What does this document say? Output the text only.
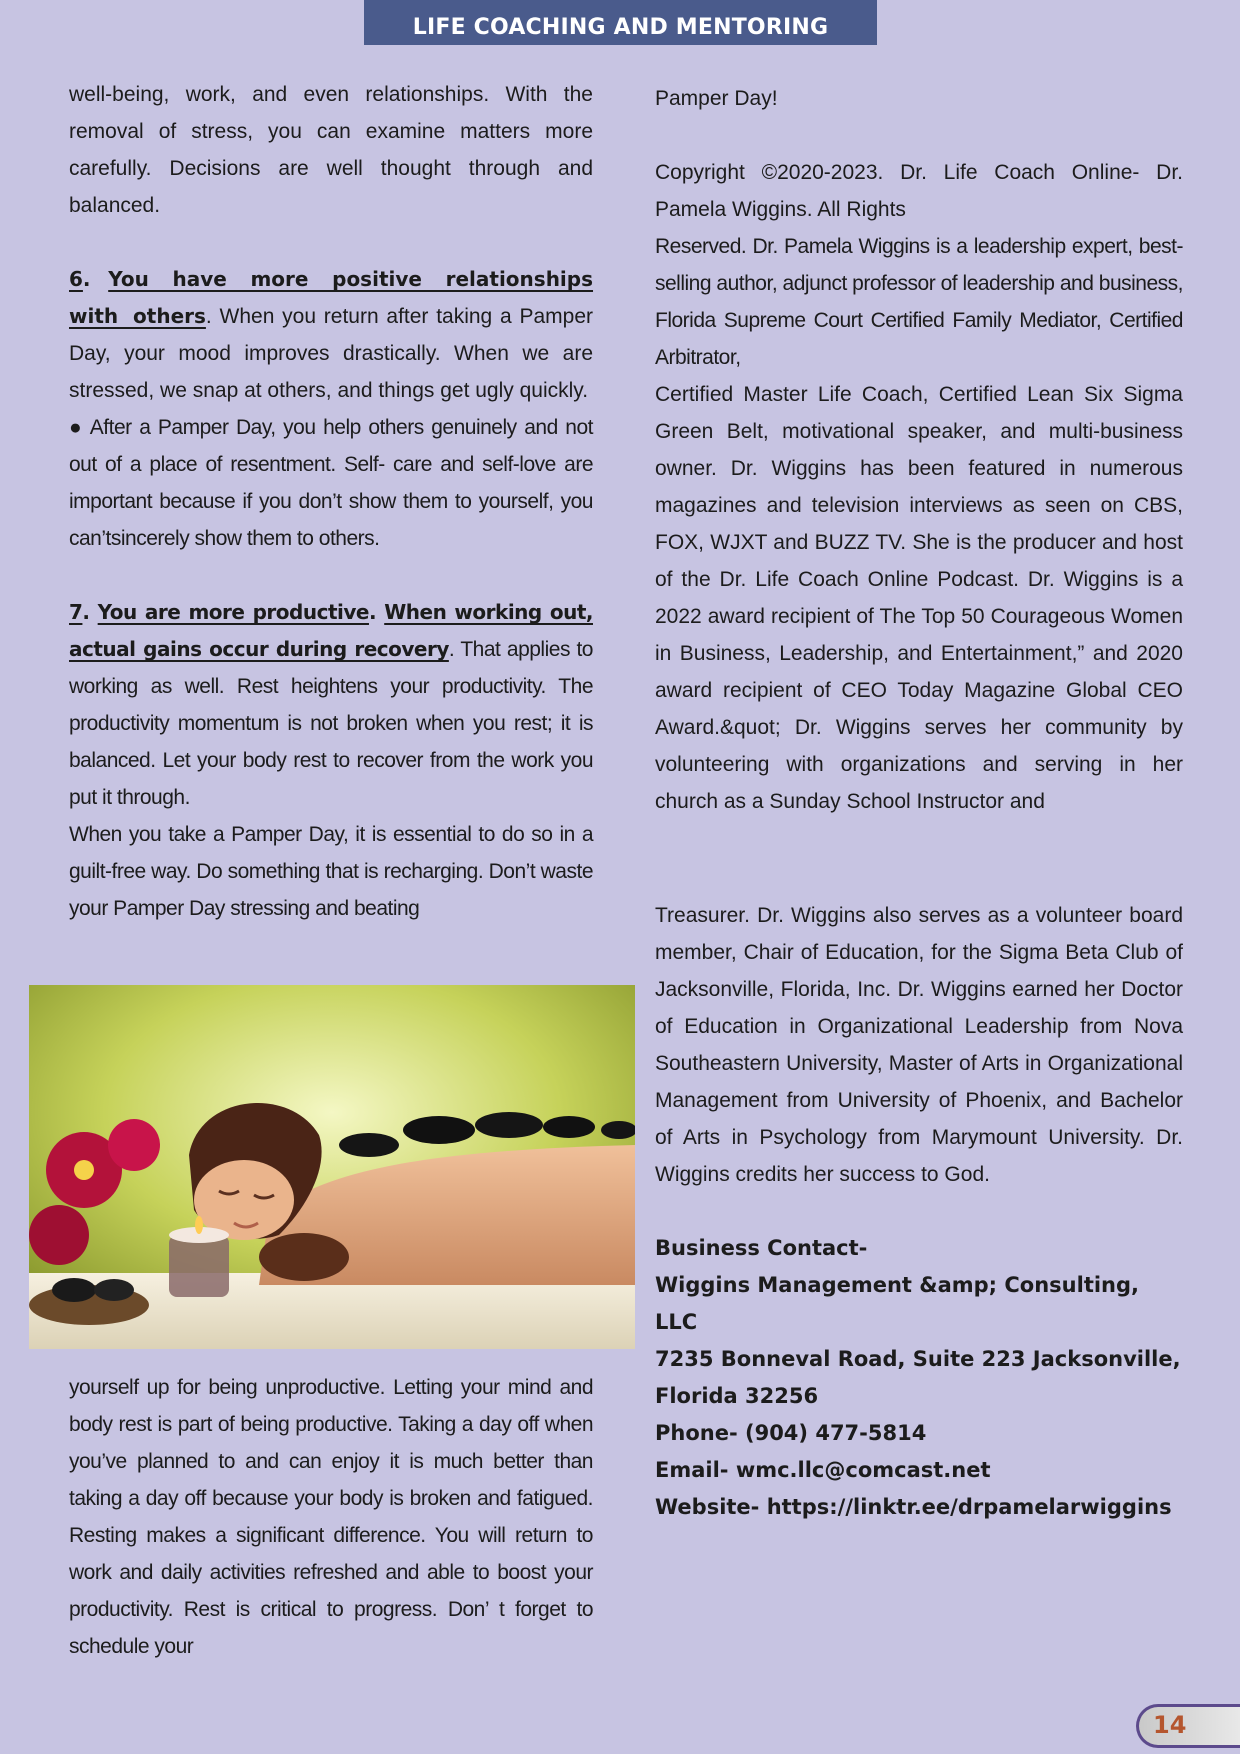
LIFE COACHING AND MENTORING

well-being, work, and even relationships. With the removal of stress, you can examine matters more carefully. Decisions are well thought through and balanced.

6. You have more positive relationships with others. When you return after taking a Pamper Day, your mood improves drastically. When we are stressed, we snap at others, and things get ugly quickly.

● After a Pamper Day, you help others genuinely and not out of a place of resentment. Self- care and self-love are important because if you don’t show them to yourself, you can’tsincerely show them to others.

7. You are more productive. When working out, actual gains occur during recovery. That applies to working as well. Rest heightens your productivity. The productivity momentum is not broken when you rest; it is balanced. Let your body rest to recover from the work you put it through.

When you take a Pamper Day, it is essential to do so in a guilt-free way. Do something that is recharging. Don’t waste your Pamper Day stressing and beating

yourself up for being unproductive. Letting your mind and body rest is part of being productive. Taking a day off when you’ve planned to and can enjoy it is much better than taking a day off because your body is broken and fatigued. Resting makes a significant difference. You will return to work and daily activities refreshed and able to boost your productivity. Rest is critical to progress. Don’ t forget to schedule your

Pamper Day!

Copyright ©2020-2023. Dr. Life Coach Online- Dr. Pamela Wiggins. All Rights

Reserved. Dr. Pamela Wiggins is a leadership expert, best-selling author, adjunct professor of leadership and business, Florida Supreme Court Certified Family Mediator, Certified Arbitrator,

Certified Master Life Coach, Certified Lean Six Sigma Green Belt, motivational speaker, and multi-business owner. Dr. Wiggins has been featured in numerous magazines and television interviews as seen on CBS, FOX, WJXT and BUZZ TV. She is the producer and host of the Dr. Life Coach Online Podcast. Dr. Wiggins is a 2022 award recipient of The Top 50 Courageous Women in Business, Leadership, and Entertainment,” and 2020 award recipient of CEO Today Magazine Global CEO Award.&quot; Dr. Wiggins serves her community by volunteering with organizations and serving in her church as a Sunday School Instructor and

Treasurer. Dr. Wiggins also serves as a volunteer board member, Chair of Education, for the Sigma Beta Club of Jacksonville, Florida, Inc. Dr. Wiggins earned her Doctor of Education in Organizational Leadership from Nova Southeastern University, Master of Arts in Organizational Management from University of Phoenix, and Bachelor of Arts in Psychology from Marymount University. Dr. Wiggins credits her success to God.

Business Contact-

Wiggins Management &amp; Consulting, LLC

7235 Bonneval Road, Suite 223 Jacksonville, Florida 32256

Phone- (904) 477-5814

Email- wmc.llc@comcast.net

Website- https://linktr.ee/drpamelarwiggins

14
